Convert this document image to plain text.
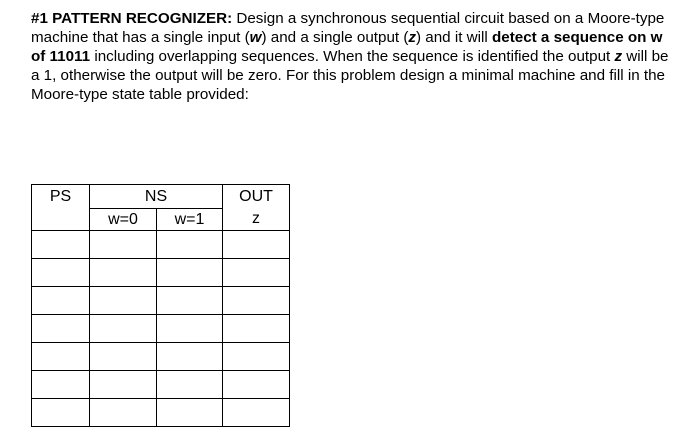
#1 PATTERN RECOGNIZER: Design a synchronous sequential circuit based on a Moore-type machine that has a single input (w) and a single output (z) and it will detect a sequence on w of 11011 including overlapping sequences. When the sequence is identified the output z will be a 1, otherwise the output will be zero. For this problem design a minimal machine and fill in the Moore-type state table provided:

PS	NS		OUT
	w=0	w=1	z
